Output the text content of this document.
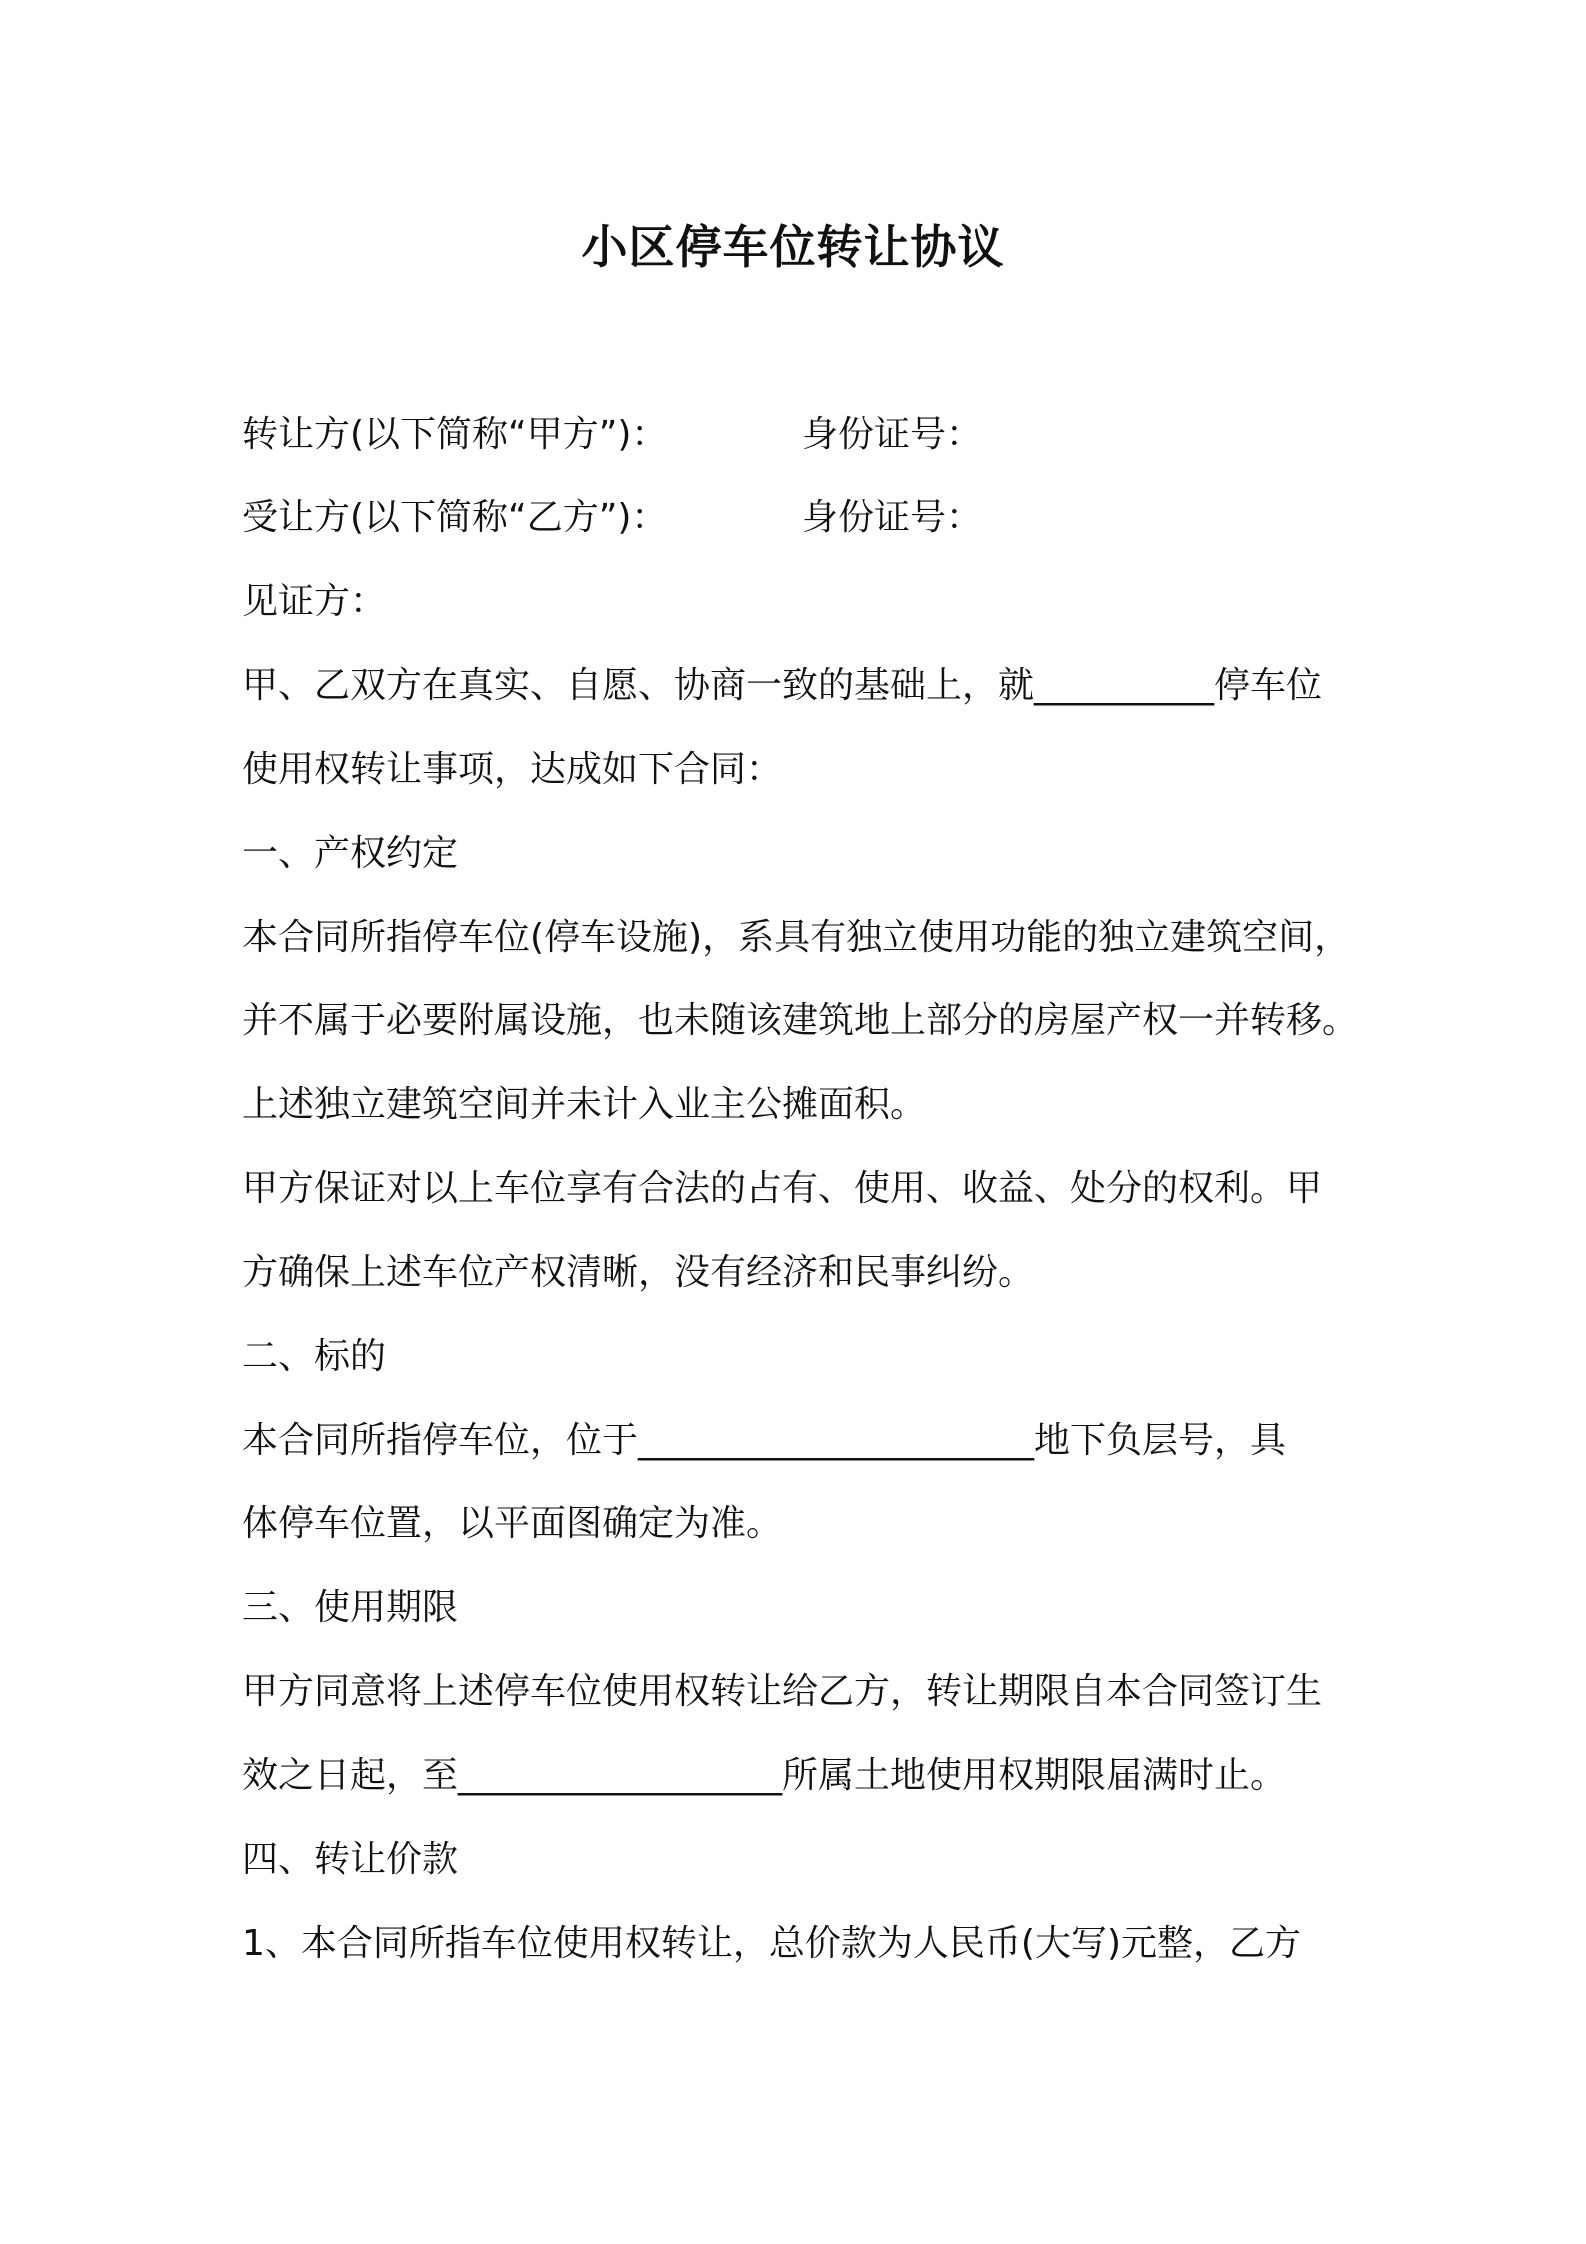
小区停车位转让协议
转让方(以下简称“甲方”)：	身份证号：
受让方(以下简称“乙方”)：	身份证号：
见证方：
甲、乙双方在真实、自愿、协商一致的基础上，就__________停车位
使用权转让事项，达成如下合同：
一、产权约定
本合同所指停车位(停车设施)，系具有独立使用功能的独立建筑空间，
并不属于必要附属设施，也未随该建筑地上部分的房屋产权一并转移。
上述独立建筑空间并未计入业主公摊面积。
甲方保证对以上车位享有合法的占有、使用、收益、处分的权利。甲
方确保上述车位产权清晰，没有经济和民事纠纷。
二、标的
本合同所指停车位，位于______________________地下负层号，具
体停车位置，以平面图确定为准。
三、使用期限
甲方同意将上述停车位使用权转让给乙方，转让期限自本合同签订生
效之日起，至__________________所属土地使用权期限届满时止。
四、转让价款
1、本合同所指车位使用权转让，总价款为人民币(大写)元整，乙方
